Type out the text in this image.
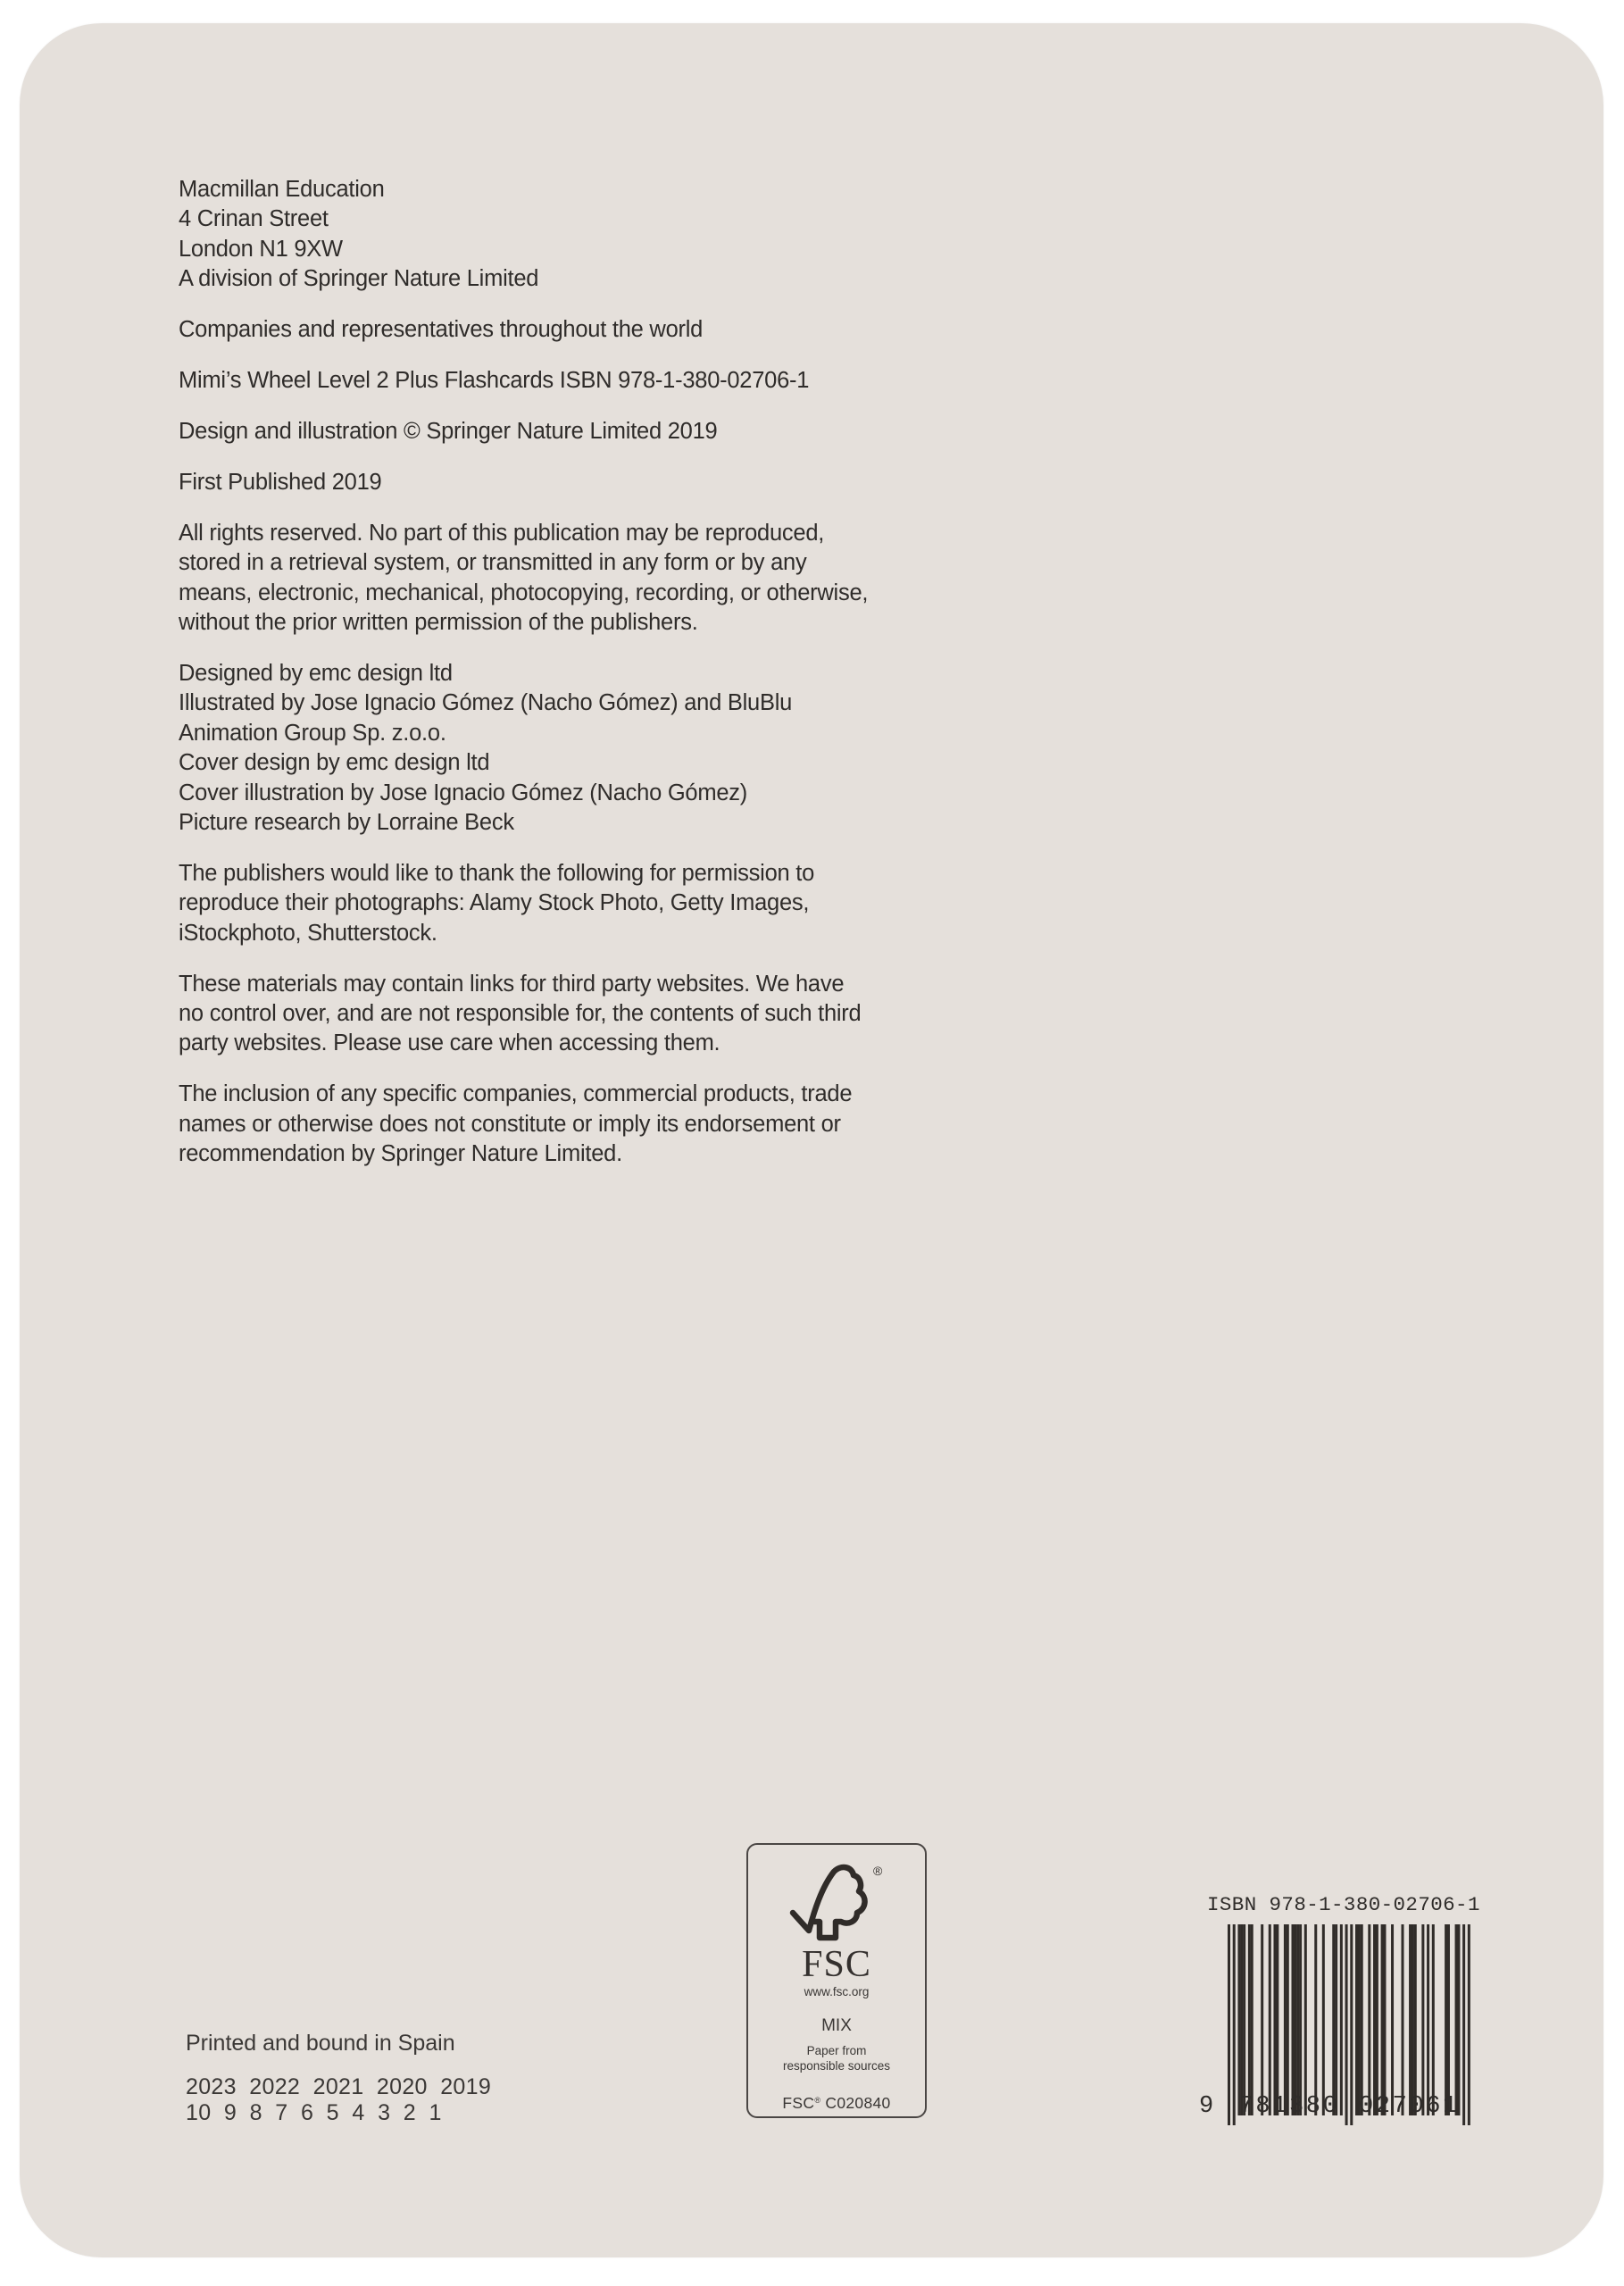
Macmillan Education
4 Crinan Street
London N1 9XW
A division of Springer Nature Limited

Companies and representatives throughout the world

Mimi’s Wheel Level 2 Plus Flashcards ISBN 978-1-380-02706-1

Design and illustration © Springer Nature Limited 2019

First Published 2019

All rights reserved. No part of this publication may be reproduced,
stored in a retrieval system, or transmitted in any form or by any
means, electronic, mechanical, photocopying, recording, or otherwise,
without the prior written permission of the publishers.

Designed by emc design ltd
Illustrated by Jose Ignacio Gómez (Nacho Gómez) and BluBlu
Animation Group Sp. z.o.o.
Cover design by emc design ltd
Cover illustration by Jose Ignacio Gómez (Nacho Gómez)
Picture research by Lorraine Beck

The publishers would like to thank the following for permission to
reproduce their photographs: Alamy Stock Photo, Getty Images,
iStockphoto, Shutterstock.

These materials may contain links for third party websites. We have
no control over, and are not responsible for, the contents of such third
party websites. Please use care when accessing them.

The inclusion of any specific companies, commercial products, trade
names or otherwise does not constitute or imply its endorsement or
recommendation by Springer Nature Limited.

Printed and bound in Spain
2023  2022  2021  2020  2019
10  9  8  7  6  5  4  3  2  1
®
FSC
www.fsc.org
MIX
Paper from
responsible sources
FSC® C020840
ISBN 978-1-380-02706-1
9 781380 027061
